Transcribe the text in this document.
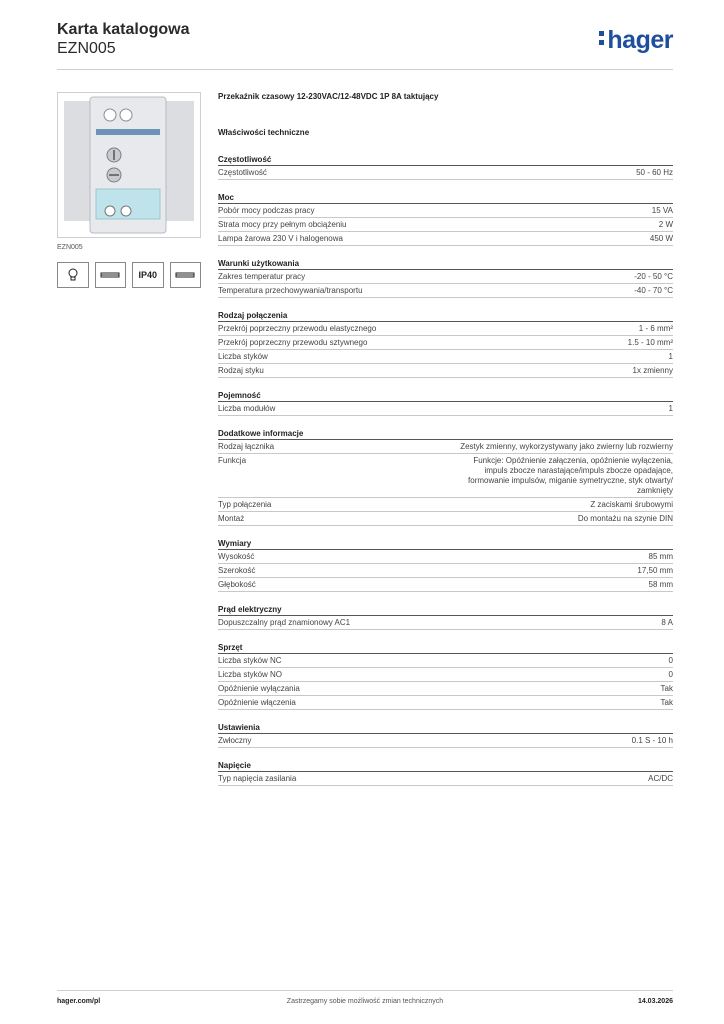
Karta katalogowa
EZN005	hager
EZN005
IP40
Przekaźnik czasowy 12-230VAC/12-48VDC 1P 8A taktujący
Właściwości techniczne
Częstotliwość
Częstotliwość	50 - 60 Hz
Moc
Pobór mocy podczas pracy	15 VA
Strata mocy przy pełnym obciążeniu	2 W
Lampa żarowa 230 V i halogenowa	450 W
Warunki użytkowania
Zakres temperatur pracy	-20 - 50 °C
Temperatura przechowywania/transportu	-40 - 70 °C
Rodzaj połączenia
Przekrój poprzeczny przewodu elastycznego	1 - 6 mm²
Przekrój poprzeczny przewodu sztywnego	1.5 - 10 mm²
Liczba styków	1
Rodzaj styku	1x zmienny
Pojemność
Liczba modułów	1
Dodatkowe informacje
Rodzaj łącznika	Zestyk zmienny, wykorzystywany jako zwierny lub rozwierny
Funkcja	Funkcje: Opóźnienie załączenia, opóźnienie wyłączenia,
impuls zbocze narastające/impuls zbocze opadające,
formowanie impulsów, miganie symetryczne, styk otwarty/
zamknięty
Typ połączenia	Z zaciskami śrubowymi
Montaż	Do montażu na szynie DIN
Wymiary
Wysokość	85 mm
Szerokość	17,50 mm
Głębokość	58 mm
Prąd elektryczny
Dopuszczalny prąd znamionowy AC1	8 A
Sprzęt
Liczba styków NC	0
Liczba styków NO	0
Opóźnienie wyłączania	Tak
Opóźnienie włączenia	Tak
Ustawienia
Zwłoczny	0.1 S - 10 h
Napięcie
Typ napięcia zasilania	AC/DC
Zastrzegamy sobie możliwość zmian technicznych
hager.com/pl	14.03.2026
